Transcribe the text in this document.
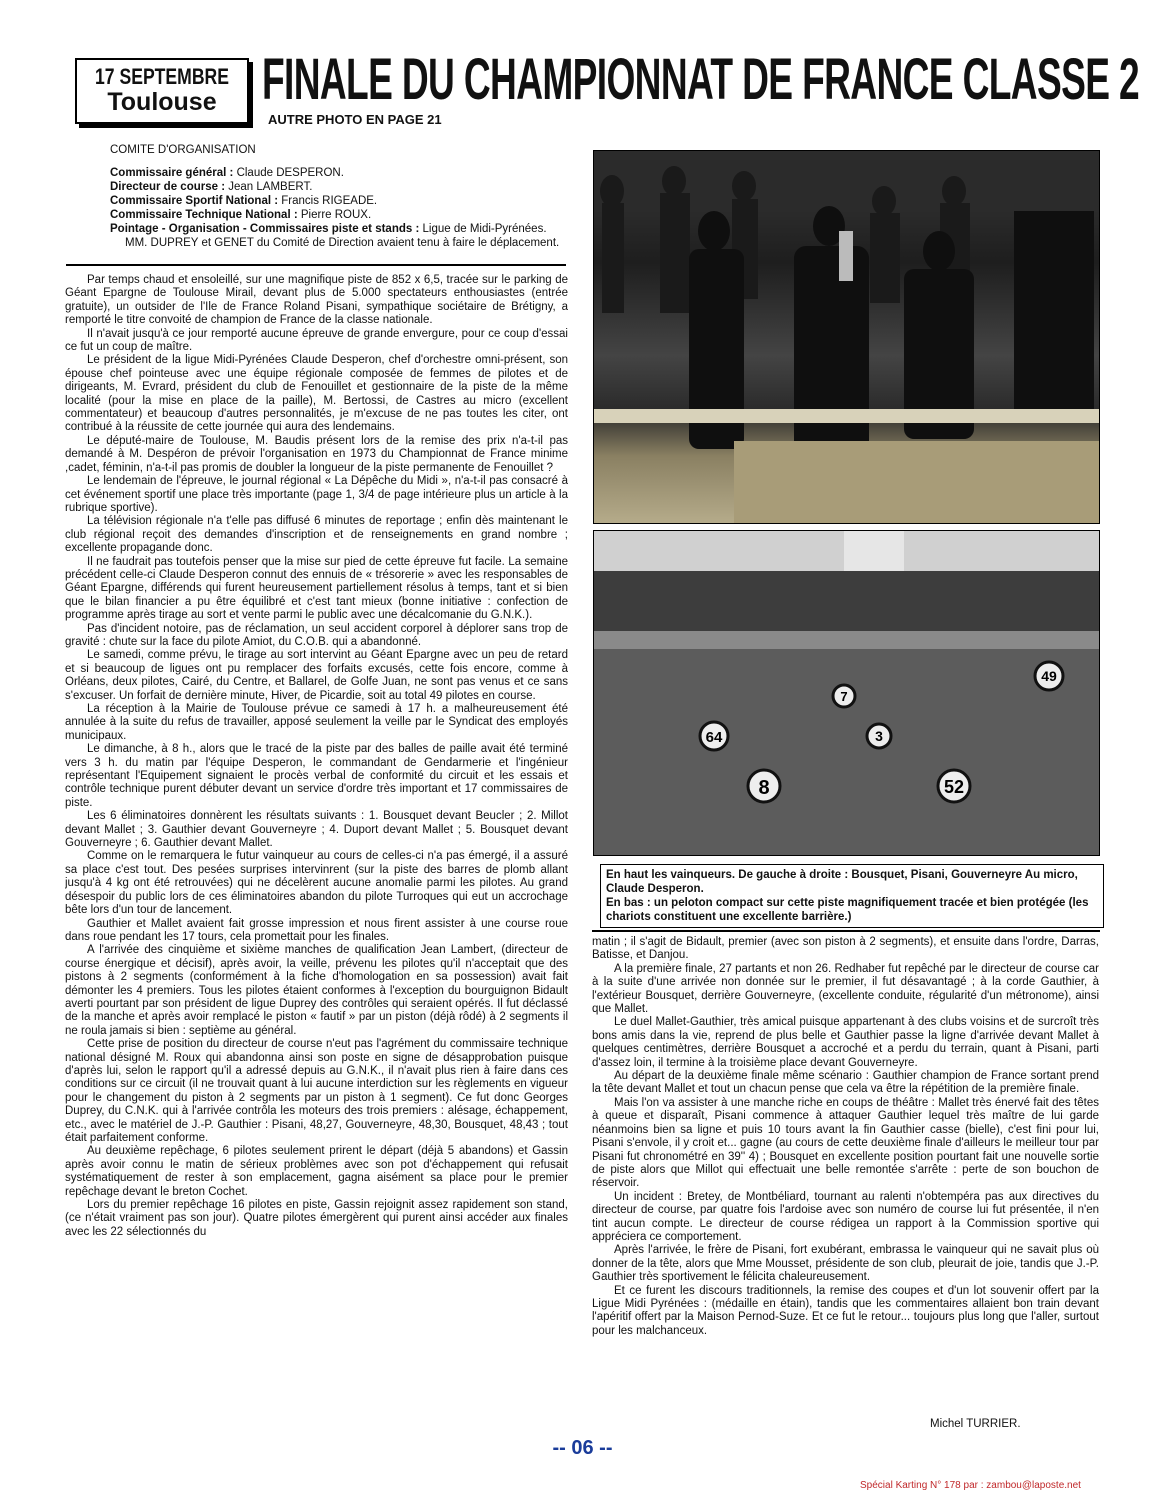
17 SEPTEMBRE
Toulouse FINALE DU CHAMPIONNAT DE FRANCE CLASSE 2
AUTRE PHOTO EN PAGE 21
COMITE D'ORGANISATION
Commissaire général : Claude DESPERON.
Directeur de course : Jean LAMBERT.
Commissaire Sportif National : Francis RIGEADE.
Commissaire Technique National : Pierre ROUX.
Pointage - Organisation - Commissaires piste et stands : Ligue de Midi-Pyrénées.
MM. DUPREY et GENET du Comité de Direction avaient tenu à faire le déplacement.

Par temps chaud et ensoleillé, sur une magnifique piste de 852 x 6,5, tracée sur le parking de Géant Epargne de Toulouse Mirail, devant plus de 5.000 spectateurs enthousiastes (entrée gratuite), un outsider de l'Ile de France Roland Pisani, sympathique sociétaire de Brétigny, a remporté le titre convoité de champion de France de la classe nationale.

Il n'avait jusqu'à ce jour remporté aucune épreuve de grande envergure, pour ce coup d'essai ce fut un coup de maître.

Le président de la ligue Midi-Pyrénées Claude Desperon, chef d'orchestre omni-présent, son épouse chef pointeuse avec une équipe régionale composée de femmes de pilotes et de dirigeants, M. Evrard, président du club de Fenouillet et gestionnaire de la piste de la même localité (pour la mise en place de la paille), M. Bertossi, de Castres au micro (excellent commentateur) et beaucoup d'autres personnalités, je m'excuse de ne pas toutes les citer, ont contribué à la réussite de cette journée qui aura des lendemains.

Le député-maire de Toulouse, M. Baudis présent lors de la remise des prix n'a-t-il pas demandé à M. Despéron de prévoir l'organisation en 1973 du Championnat de France minime ,cadet, féminin, n'a-t-il pas promis de doubler la longueur de la piste permanente de Fenouillet ?

Le lendemain de l'épreuve, le journal régional « La Dépêche du Midi », n'a-t-il pas consacré à cet événement sportif une place très importante (page 1, 3/4 de page intérieure plus un article à la rubrique sportive).

La télévision régionale n'a t'elle pas diffusé 6 minutes de reportage ; enfin dès maintenant le club régional reçoit des demandes d'inscription et de renseignements en grand nombre ; excellente propagande donc.

Il ne faudrait pas toutefois penser que la mise sur pied de cette épreuve fut facile. La semaine précédent celle-ci Claude Desperon connut des ennuis de « trésorerie » avec les responsables de Géant Epargne, différends qui furent heureusement partiellement résolus à temps, tant et si bien que le bilan financier a pu être équilibré et c'est tant mieux (bonne initiative : confection de programme après tirage au sort et vente parmi le public avec une décalcomanie du G.N.K.).

Pas d'incident notoire, pas de réclamation, un seul accident corporel à déplorer sans trop de gravité : chute sur la face du pilote Amiot, du C.O.B. qui a abandonné.

Le samedi, comme prévu, le tirage au sort intervint au Géant Epargne avec un peu de retard et si beaucoup de ligues ont pu remplacer des forfaits excusés, cette fois encore, comme à Orléans, deux pilotes, Cairé, du Centre, et Ballarel, de Golfe Juan, ne sont pas venus et ce sans s'excuser. Un forfait de dernière minute, Hiver, de Picardie, soit au total 49 pilotes en course.

La réception à la Mairie de Toulouse prévue ce samedi à 17 h. a malheureusement été annulée à la suite du refus de travailler, apposé seulement la veille par le Syndicat des employés municipaux.

Le dimanche, à 8 h., alors que le tracé de la piste par des balles de paille avait été terminé vers 3 h. du matin par l'équipe Desperon, le commandant de Gendarmerie et l'ingénieur représentant l'Equipement signaient le procès verbal de conformité du circuit et les essais et contrôle technique purent débuter devant un service d'ordre très important et 17 commissaires de piste.

Les 6 éliminatoires donnèrent les résultats suivants : 1. Bousquet devant Beucler ; 2. Millot devant Mallet ; 3. Gauthier devant Gouverneyre ; 4. Duport devant Mallet ; 5. Bousquet devant Gouverneyre ; 6. Gauthier devant Mallet.

Comme on le remarquera le futur vainqueur au cours de celles-ci n'a pas émergé, il a assuré sa place c'est tout. Des pesées surprises intervinrent (sur la piste des barres de plomb allant jusqu'à 4 kg ont été retrouvées) qui ne décelèrent aucune anomalie parmi les pilotes. Au grand désespoir du public lors de ces éliminatoires abandon du pilote Turroques qui eut un accrochage bête lors d'un tour de lancement.

Gauthier et Mallet avaient fait grosse impression et nous firent assister à une course roue dans roue pendant les 17 tours, cela promettait pour les finales.

A l'arrivée des cinquième et sixième manches de qualification Jean Lambert, (directeur de course énergique et décisif), après avoir, la veille, prévenu les pilotes qu'il n'acceptait que des pistons à 2 segments (conformément à la fiche d'homologation en sa possession) avait fait démonter les 4 premiers. Tous les pilotes étaient conformes à l'exception du bourguignon Bidault averti pourtant par son président de ligue Duprey des contrôles qui seraient opérés. Il fut déclassé de la manche et après avoir remplacé le piston « fautif » par un piston (déjà rôdé) à 2 segments il ne roula jamais si bien : septième au général.

Cette prise de position du directeur de course n'eut pas l'agrément du commissaire technique national désigné M. Roux qui abandonna ainsi son poste en signe de désapprobation puisque d'après lui, selon le rapport qu'il a adressé depuis au G.N.K., il n'avait plus rien à faire dans ces conditions sur ce circuit (il ne trouvait quant à lui aucune interdiction sur les règlements en vigueur pour le changement du piston à 2 segments par un piston à 1 segment). Ce fut donc Georges Duprey, du C.N.K. qui à l'arrivée contrôla les moteurs des trois premiers : alésage, échappement, etc., avec le matériel de J.-P. Gauthier : Pisani, 48,27, Gouverneyre, 48,30, Bousquet, 48,43 ; tout était parfaitement conforme.

Au deuxième repêchage, 6 pilotes seulement prirent le départ (déjà 5 abandons) et Gassin après avoir connu le matin de sérieux problèmes avec son pot d'échappement qui refusait systématiquement de rester à son emplacement, gagna aisément sa place pour le premier repêchage devant le breton Cochet.

Lors du premier repêchage 16 pilotes en piste, Gassin rejoignit assez rapidement son stand, (ce n'était vraiment pas son jour). Quatre pilotes émergèrent qui purent ainsi accéder aux finales avec les 22 sélectionnés du

64
8
3
52
49
7
En haut les vainqueurs. De gauche à droite : Bousquet, Pisani, Gouverneyre Au micro, Claude Desperon.
En bas : un peloton compact sur cette piste magnifiquement tracée et bien protégée (les chariots constituent une excellente barrière.)

matin ; il s'agit de Bidault, premier (avec son piston à 2 segments), et ensuite dans l'ordre, Darras, Batisse, et Danjou.

A la première finale, 27 partants et non 26. Redhaber fut repêché par le directeur de course car à la suite d'une arrivée non donnée sur le premier, il fut désavantagé ; à la corde Gauthier, à l'extérieur Bousquet, derrière Gouverneyre, (excellente conduite, régularité d'un métronome), ainsi que Mallet.

Le duel Mallet-Gauthier, très amical puisque appartenant à des clubs voisins et de surcroît très bons amis dans la vie, reprend de plus belle et Gauthier passe la ligne d'arrivée devant Mallet à quelques centimètres, derrière Bousquet a accroché et a perdu du terrain, quant à Pisani, parti d'assez loin, il termine à la troisième place devant Gouverneyre.

Au départ de la deuxième finale même scénario : Gauthier champion de France sortant prend la tête devant Mallet et tout un chacun pense que cela va être la répétition de la première finale.

Mais l'on va assister à une manche riche en coups de théâtre : Mallet très énervé fait des têtes à queue et disparaît, Pisani commence à attaquer Gauthier lequel très maître de lui garde néanmoins bien sa ligne et puis 10 tours avant la fin Gauthier casse (bielle), c'est fini pour lui, Pisani s'envole, il y croit et... gagne (au cours de cette deuxième finale d'ailleurs le meilleur tour par Pisani fut chronométré en 39'' 4) ; Bousquet en excellente position pourtant fait une nouvelle sortie de piste alors que Millot qui effectuait une belle remontée s'arrête : perte de son bouchon de réservoir.

Un incident : Bretey, de Montbéliard, tournant au ralenti n'obtempéra pas aux directives du directeur de course, par quatre fois l'ardoise avec son numéro de course lui fut présentée, il n'en tint aucun compte. Le directeur de course rédigea un rapport à la Commission sportive qui appréciera ce comportement.

Après l'arrivée, le frère de Pisani, fort exubérant, embrassa le vainqueur qui ne savait plus où donner de la tête, alors que Mme Mousset, présidente de son club, pleurait de joie, tandis que J.-P. Gauthier très sportivement le félicita chaleureusement.

Et ce furent les discours traditionnels, la remise des coupes et d'un lot souvenir offert par la Ligue Midi Pyrénées : (médaille en étain), tandis que les commentaires allaient bon train devant l'apéritif offert par la Maison Pernod-Suze. Et ce fut le retour... toujours plus long que l'aller, surtout pour les malchanceux.

Michel TURRIER.
-- 06 --
Spécial Karting N° 178 par : zambou@laposte.net
